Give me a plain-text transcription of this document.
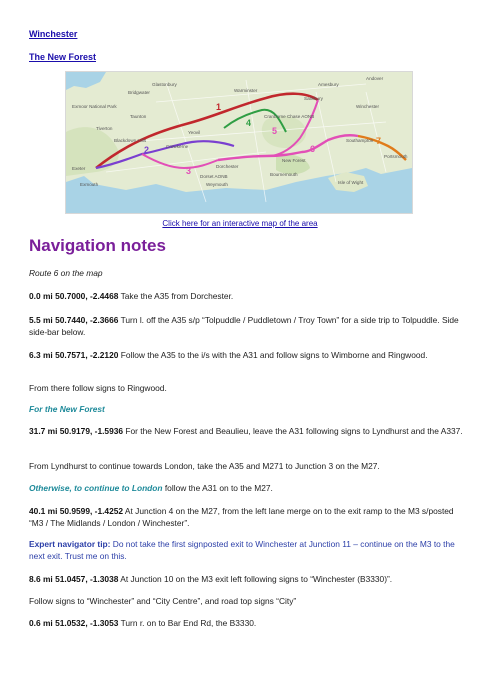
Winchester
The New Forest
1
2
3
4
5
6
7
Glastonbury
Bridgwater
Exmoor National Park
Taunton
Tiverton
Exeter
Exmouth	Weymouth
Bournemouth
Salisbury
Winchester
Southampton
Portsmouth
Isle of Wight
Andover
Amesbury
Yeovil
Crewkerne
Dorchester
Cranborne Chase AONB
Dorset AONB
New Forest
Blackdown Hills
Warminster
Click here for an interactive map of the area
Navigation notes

Route 6 on the map

0.0 mi 50.7000, -2.4468 Take the A35 from Dorchester.

5.5 mi 50.7440, -2.3666 Turn l. off the A35 s/p “Tolpuddle / Puddletown / Troy Town” for a side trip to Tolpuddle. Side side-bar below.

6.3 mi 50.7571, -2.2120 Follow the A35 to the i/s with the A31 and follow signs to Wimborne and Ringwood.

From there follow signs to Ringwood.

For the New Forest

31.7 mi 50.9179, -1.5936 For the New Forest and Beaulieu, leave the A31 following signs to Lyndhurst and the A337.

From Lyndhurst to continue towards London, take the A35 and M271 to Junction 3 on the M27.

Otherwise, to continue to London follow the A31 on to the M27.

40.1 mi 50.9599, -1.4252 At Junction 4 on the M27, from the left lane merge on to the exit ramp to the M3 s/posted “M3 / The Midlands / London / Winchester”.

Expert navigator tip: Do not take the first signposted exit to Winchester at Junction 11 – continue on the M3 to the next exit. Trust me on this.

8.6 mi 51.0457, -1.3038 At Junction 10 on the M3 exit left following signs to “Winchester (B3330)”.

Follow signs to “Winchester” and “City Centre”, and road top signs “City”

0.6 mi 51.0532, -1.3053 Turn r. on to Bar End Rd, the B3330.
